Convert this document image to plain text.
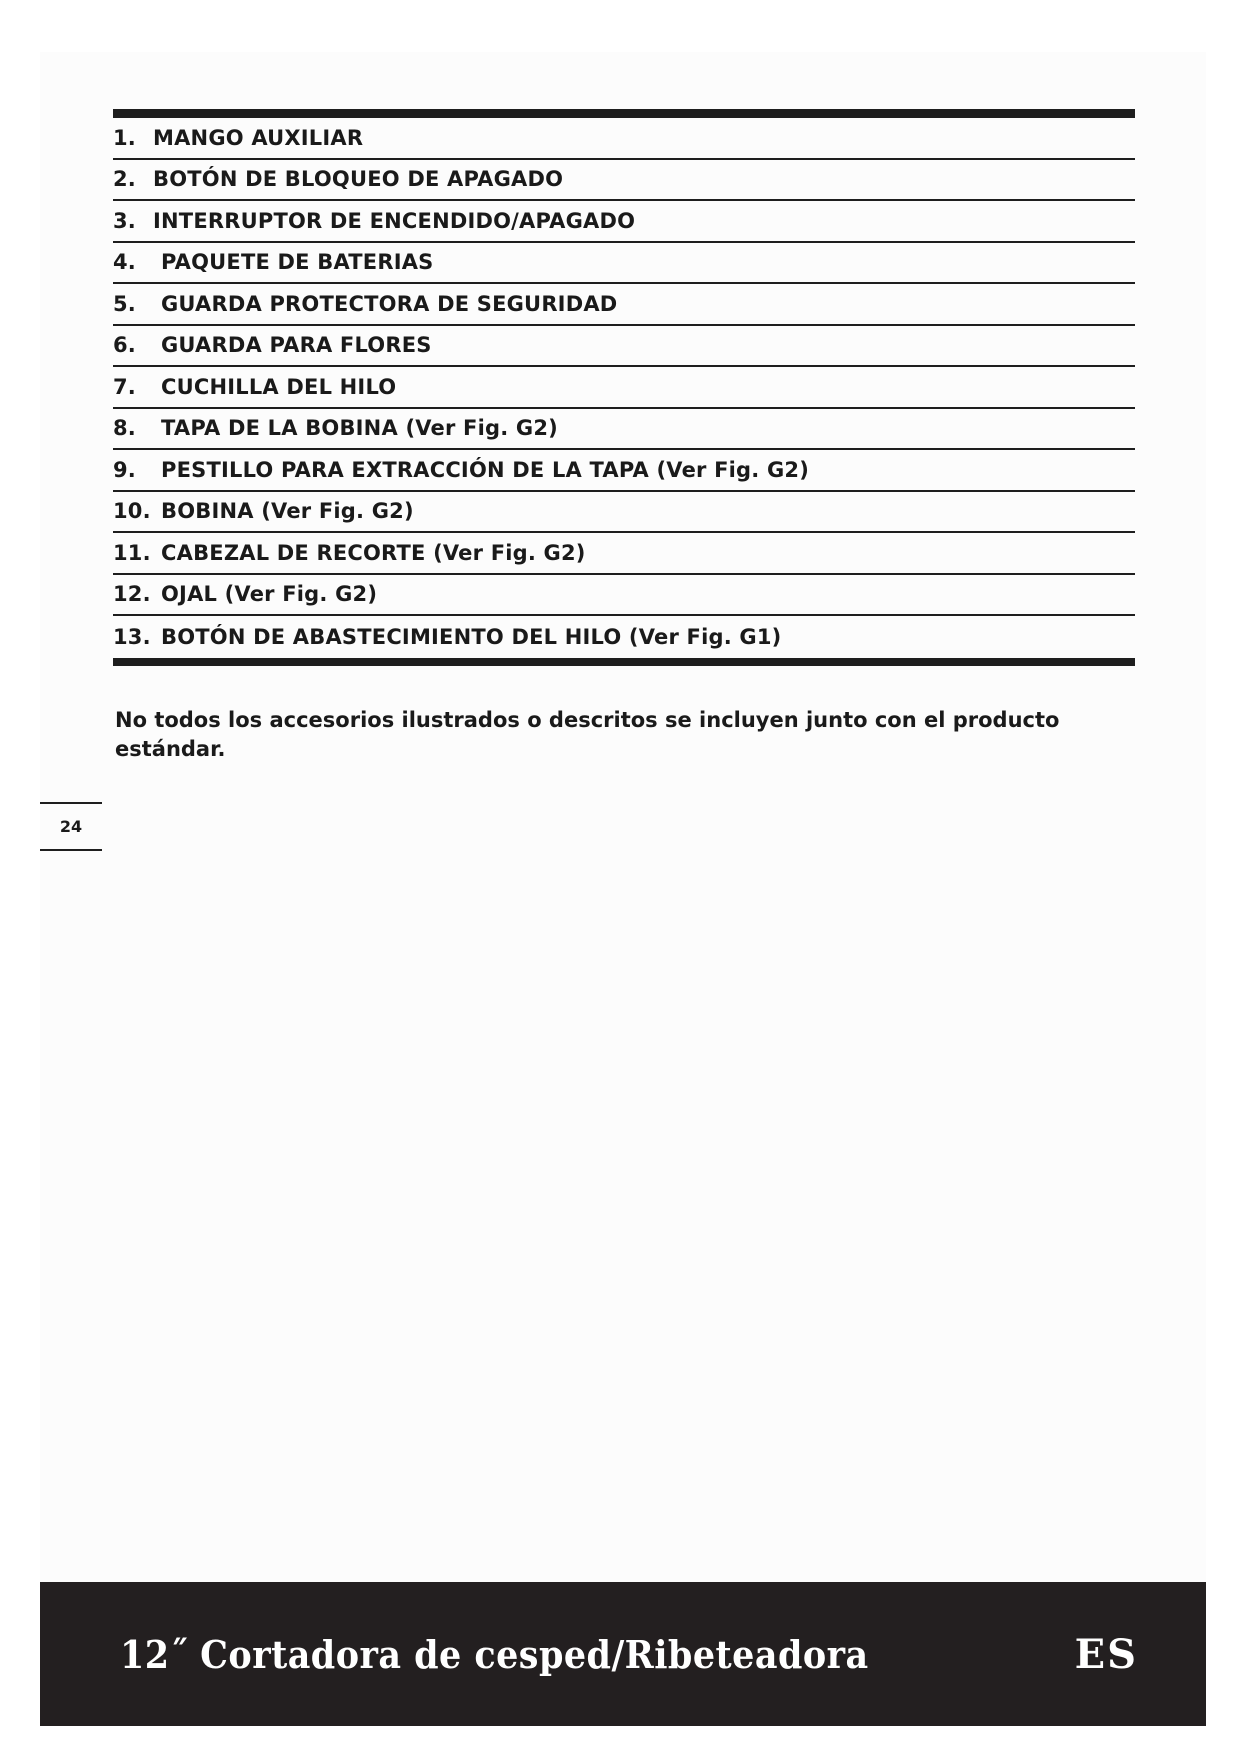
1. MANGO AUXILIAR
2. BOTÓN DE BLOQUEO DE APAGADO
3. INTERRUPTOR DE ENCENDIDO/APAGADO
4.	PAQUETE DE BATERIAS
5.	GUARDA PROTECTORA DE SEGURIDAD
6.	GUARDA PARA FLORES
7.	CUCHILLA DEL HILO
8.	TAPA DE LA BOBINA
(Ver Fig. G2)
9.	PESTILLO PARA EXTRACCIÓN DE LA TAPA
(Ver Fig. G2)
10. BOBINA
(Ver Fig. G2)
11. CABEZAL DE RECORTE
(Ver Fig. G2)
12. OJAL
(Ver Fig. G2)
13. BOTÓN DE ABASTECIMIENTO DEL HILO
(Ver Fig. G1)
No todos los accesorios ilustrados o descritos se incluyen junto con el producto estándar.
24
12˝ Cortadora de cesped/Ribeteadora	ES
